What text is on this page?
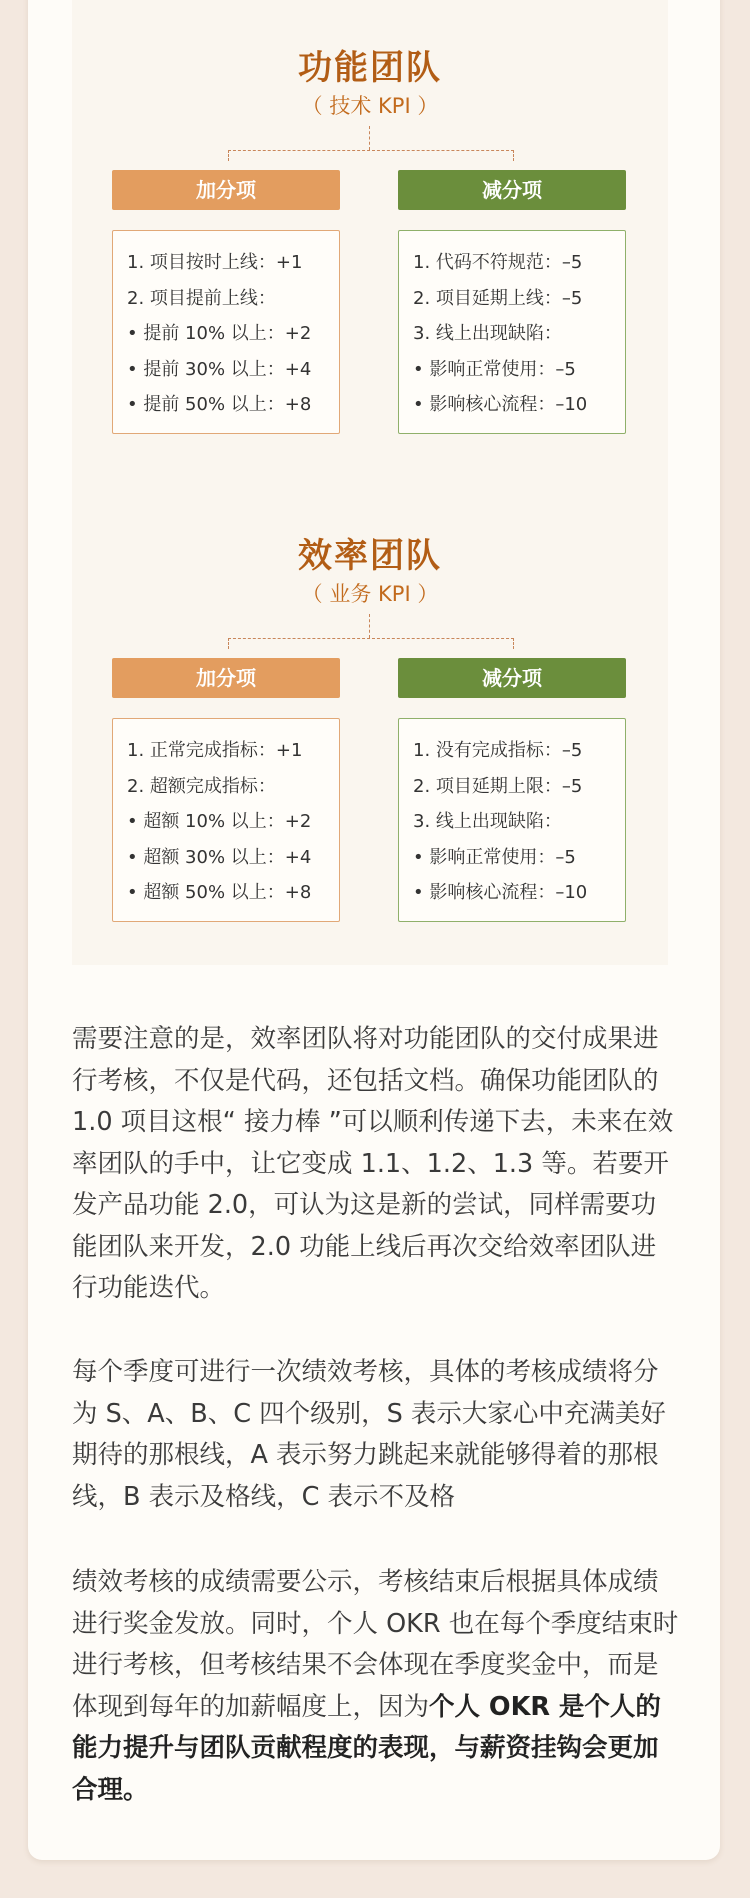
功能团队
（ 技术 KPI ）
加分项	减分项
1. 项目按时上线：+1
2. 项目提前上线：
• 提前 10% 以上：+2
• 提前 30% 以上：+4
• 提前 50% 以上：+8
1. 代码不符规范：–5
2. 项目延期上线：–5
3. 线上出现缺陷：
• 影响正常使用：–5
• 影响核心流程：–10
效率团队
（ 业务 KPI ）
加分项	减分项
1. 正常完成指标：+1
2. 超额完成指标：
• 超额 10% 以上：+2
• 超额 30% 以上：+4
• 超额 50% 以上：+8
1. 没有完成指标：–5
2. 项目延期上限：–5
3. 线上出现缺陷：
• 影响正常使用：–5
• 影响核心流程：–10

需要注意的是，效率团队将对功能团队的交付成果进行考核，不仅是代码，还包括文档。确保功能团队的 1.0 项目这根“ 接力棒 ”可以顺利传递下去，未来在效率团队的手中，让它变成 1.1、1.2、1.3 等。若要开发产品功能 2.0，可认为这是新的尝试，同样需要功能团队来开发，2.0 功能上线后再次交给效率团队进行功能迭代。

每个季度可进行一次绩效考核，具体的考核成绩将分为 S、A、B、C 四个级别，S 表示大家心中充满美好期待的那根线，A 表示努力跳起来就能够得着的那根线，B 表示及格线，C 表示不及格

绩效考核的成绩需要公示，考核结束后根据具体成绩进行奖金发放。同时，个人 OKR 也在每个季度结束时进行考核，但考核结果不会体现在季度奖金中，而是体现到每年的加薪幅度上，因为个人 OKR 是个人的能力提升与团队贡献程度的表现，与薪资挂钩会更加合理。
